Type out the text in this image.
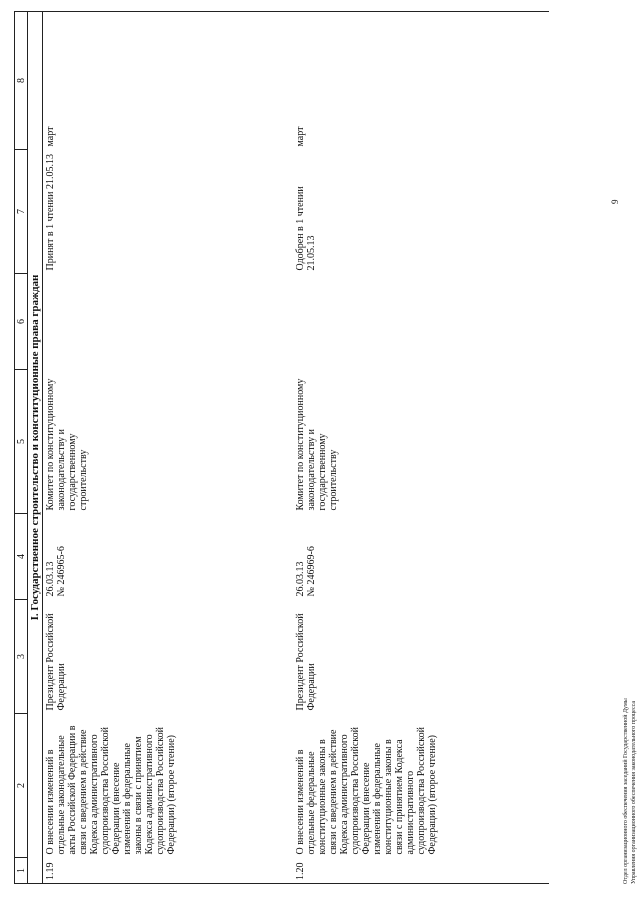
1	2	3	4	5	6	7	8
I. Государственное строительство и конституционные права граждан							
1.19	О внесении изменений в отдельные законодательные акты Российской Федерации в связи с введением в действие Кодекса административного судопроизводства Российской Федерации (внесение изменений в федеральные законы в связи с принятием Кодекса административного судопроизводства Российской Федерации) (второе чтение)	Президент Российской Федерации	26.03.13
№ 246965-6	Комитет по конституционному законодательству и государственному строительству		Принят в 1 чтении 21.05.13	март
1.20	О внесении изменений в отдельные федеральные конституционные законы в связи с введением в действие Кодекса административного судопроизводства Российской Федерации (внесение изменений в федеральные конституционные законы в связи с принятием Кодекса административного судопроизводства Российской Федерации) (второе чтение)	Президент Российской Федерации	26.03.13
№ 246969-6	Комитет по конституционному законодательству и государственному строительству		Одобрен в 1 чтении 21.05.13	март
Отдел организационного обеспечения заседаний Государственной Думы Управления организационного обеспечения законодательного процесса
9
